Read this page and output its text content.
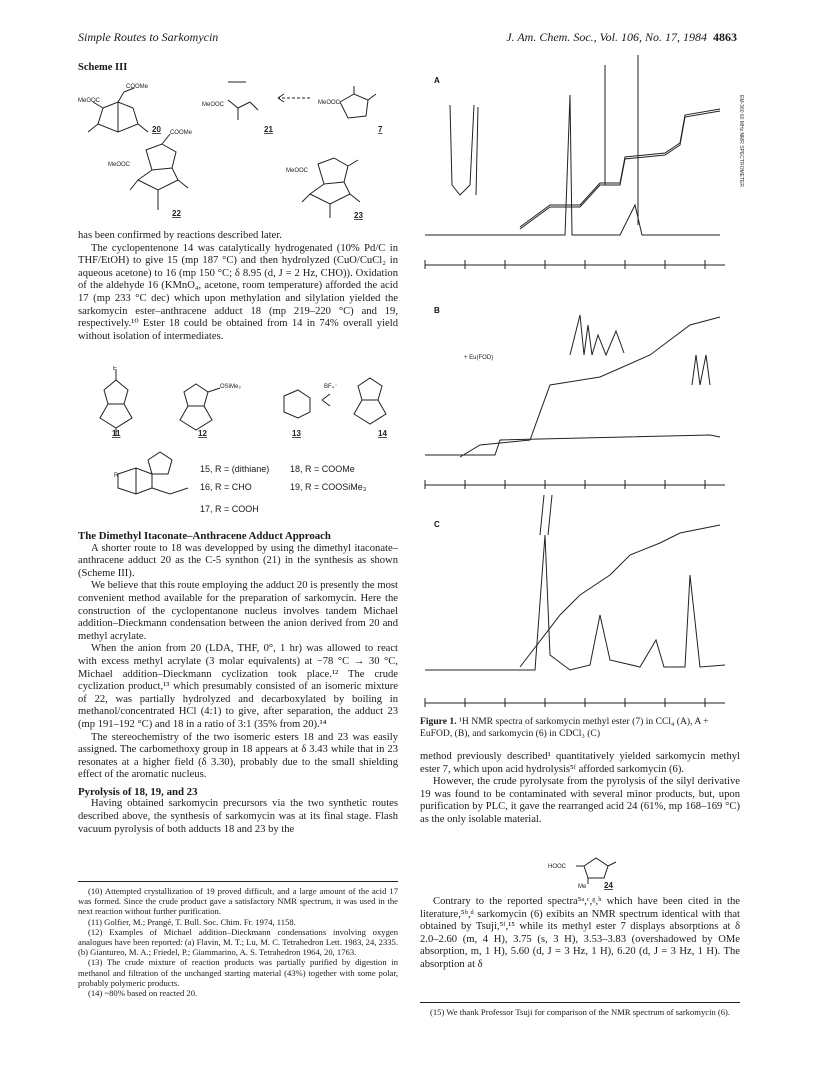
Simple Routes to Sarkomycin	J. Am. Chem. Soc., Vol. 106, No. 17, 1984 4863
Scheme III
COOMe
MeOOC
MeOOC	MeOOC
COOMe
MeOOC
MeOOC
20	21	7
22	23

has been confirmed by reactions described later.

The cyclopentenone 14 was catalytically hydrogenated (10% Pd/C in THF/EtOH) to give 15 (mp 187 °C) and then hydrolyzed (CuO/CuCl₂ in aqueous acetone) to 16 (mp 150 °C; δ 8.95 (d, J = 2 Hz, CHO)). Oxidation of the aldehyde 16 (KMnO₄, acetone, room temperature) afforded the acid 17 (mp 233 °C dec) which upon methylation and silylation yielded the sarkomycin ester–anthracene adduct 18 (mp 219–220 °C) and 19, respectively.¹⁰ Ester 18 could be obtained from 14 in 74% overall yield without isolation of intermediates.

E
OSiMe₃	BF₄⁻
11	12	13	14
R
15, R = (dithiane)
16, R = CHO
17, R = COOH
18, R = COOMe
19, R = COOSiMe₃
The Dimethyl Itaconate–Anthracene Adduct Approach

A shorter route to 18 was developped by using the dimethyl itaconate–anthracene adduct 20 as the C-5 synthon (21) in the synthesis as shown (Scheme III).

We believe that this route employing the adduct 20 is presently the most convenient method available for the preparation of sarkomycin. Here the construction of the cyclopentanone nucleus involves tandem Michael addition–Dieckmann condensation between the anion derived from 20 and methyl acrylate.

When the anion from 20 (LDA, THF, 0°, 1 hr) was allowed to react with excess methyl acrylate (3 molar equivalents) at −78 °C → 30 °C, Michael addition–Dieckmann cyclization took place.¹² The crude cyclization product,¹³ which presumably consisted of an isomeric mixture of 22, was partially hydrolyzed and decarboxylated by boiling in methanol/concentrated HCl (4:1) to give, after separation, the adduct 23 (mp 191–192 °C) and 18 in a ratio of 3:1 (35% from 20).¹⁴

The stereochemistry of the two isomeric esters 18 and 23 was easily assigned. The carbomethoxy group in 18 appears at δ 3.43 while that in 23 resonates at a higher field (δ 3.30), probably due to the small shielding effect of the aromatic nucleus.

Pyrolysis of 18, 19, and 23

Having obtained sarkomycin precursors via the two synthetic routes described above, the synthesis of sarkomycin was at its final stage. Flash vacuum pyrolysis of both adducts 18 and 23 by the

(10) Attempted crystallization of 19 proved difficult, and a large amount of the acid 17 was formed. Since the crude product gave a satisfactory NMR spectrum, it was used in the next reaction without further purification.

(11) Golfier, M.; Prangé, T. Bull. Soc. Chim. Fr. 1974, 1158.

(12) Examples of Michael addition–Dieckmann condensations involving oxygen analogues have been reported: (a) Flavin, M. T.; Lu, M. C. Tetrahedron Lett. 1983, 24, 2335. (b) Giantureo, M. A.; Friedel, P.; Giammarino, A. S. Tetrahedron 1964, 20, 1763.

(13) The crude mixture of reaction products was partially purified by digestion in methanol and filtration of the unchanged starting material (43%) together with some polar, probably polymeric products.

(14) ~80% based on reacted 20.

A
B
C
EM-360 60 MHz NMR SPECTROMETER
+ Eu(FOD)
Figure 1. ¹H NMR spectra of sarkomycin methyl ester (7) in CCl₄ (A), A + EuFOD, (B), and sarkomycin (6) in CDCl₃ (C)

method previously described¹ quantitatively yielded sarkomycin methyl ester 7, which upon acid hydrolysis⁵ᶠ afforded sarkomycin (6).

However, the crude pyrolysate from the pyrolysis of the silyl derivative 19 was found to be contaminated with several minor products, but, upon purification by PLC, it gave the rearranged acid 24 (61%, mp 168–169 °C) as the only isolable material.

HOOC
Me 24

Contrary to the reported spectra⁵ᵃ,ᶜ,ᵍ,ʰ which have been cited in the literature,⁵ᵇ,ᵈ sarkomycin (6) exibits an NMR spectrum identical with that obtained by Tsuji,⁵ᶠ,¹⁵ while its methyl ester 7 displays absorptions at δ 2.0–2.60 (m, 4 H), 3.75 (s, 3 H), 3.53–3.83 (overshadowed by OMe absorption, m, 1 H), 5.60 (d, J = 3 Hz, 1 H), 6.20 (d, J = 3 Hz, 1 H). The absorption at δ

(15) We thank Professor Tsuji for comparison of the NMR spectrum of sarkomycin (6).
